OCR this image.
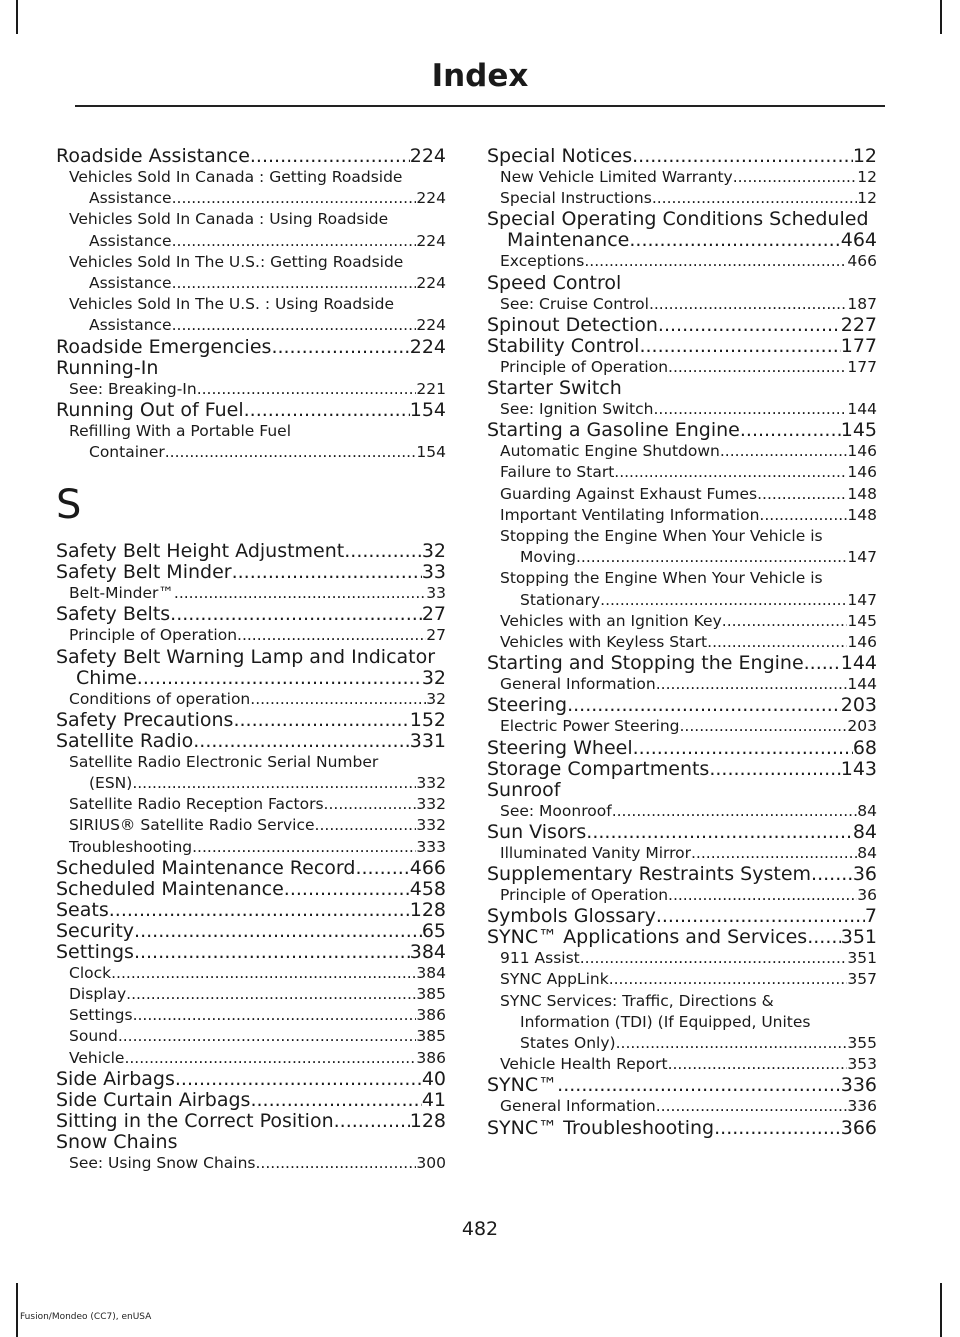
Index
Roadside Assistance .....	224
Vehicles Sold In Canada : Getting Roadside
Assistance .....	224
Vehicles Sold In Canada : Using Roadside
Assistance .....	224
Vehicles Sold In The U.S.: Getting Roadside
Assistance .....	224
Vehicles Sold In The U.S. : Using Roadside
Assistance .....	224
Roadside Emergencies .....	224
Running-In
See: Breaking-In .....	221
Running Out of Fuel .....	154
Refilling With a Portable Fuel
Container .....	154
S
Safety Belt Height Adjustment .....	32
Safety Belt Minder .....	33
Belt-Minder™ .....	33
Safety Belts .....	27
Principle of Operation .....	27
Safety Belt Warning Lamp and Indicator
Chime .....	32
Conditions of operation .....	32
Safety Precautions .....	152
Satellite Radio .....	331
Satellite Radio Electronic Serial Number
(ESN) .....	332
Satellite Radio Reception Factors .....	332
SIRIUS® Satellite Radio Service .....	332
Troubleshooting .....	333
Scheduled Maintenance Record .....	466
Scheduled Maintenance .....	458
Seats .....	128
Security .....	65
Settings .....	384
Clock .....	384
Display .....	385
Settings .....	386
Sound .....	385
Vehicle .....	386
Side Airbags .....	40
Side Curtain Airbags .....	41
Sitting in the Correct Position .....	128
Snow Chains
See: Using Snow Chains .....	300
Special Notices .....	12
New Vehicle Limited Warranty .....	12
Special Instructions .....	12
Special Operating Conditions Scheduled
Maintenance .....	464
Exceptions .....	466
Speed Control
See: Cruise Control .....	187
Spinout Detection .....	227
Stability Control .....	177
Principle of Operation .....	177
Starter Switch
See: Ignition Switch .....	144
Starting a Gasoline Engine .....	145
Automatic Engine Shutdown .....	146
Failure to Start .....	146
Guarding Against Exhaust Fumes .....	148
Important Ventilating Information .....	148
Stopping the Engine When Your Vehicle is
Moving .....	147
Stopping the Engine When Your Vehicle is
Stationary .....	147
Vehicles with an Ignition Key .....	145
Vehicles with Keyless Start .....	146
Starting and Stopping the Engine ..... 144
General Information .....	144
Steering .....	203
Electric Power Steering .....	203
Steering Wheel .....	68
Storage Compartments .....	143
Sunroof
See: Moonroof .....	84
Sun Visors .....	84
Illuminated Vanity Mirror .....	84
Supplementary Restraints System ..... 36
Principle of Operation .....	36
Symbols Glossary .....	7
SYNC™ Applications and Services ..... 351
911 Assist .....	351
SYNC AppLink .....	357
SYNC Services: Traffic, Directions &
Information (TDI) (If Equipped, Unites
States Only) .....	355
Vehicle Health Report .....	353
SYNC™ .....	336
General Information .....	336
SYNC™ Troubleshooting .....	366
482
Fusion/Mondeo (CC7), enUSA
